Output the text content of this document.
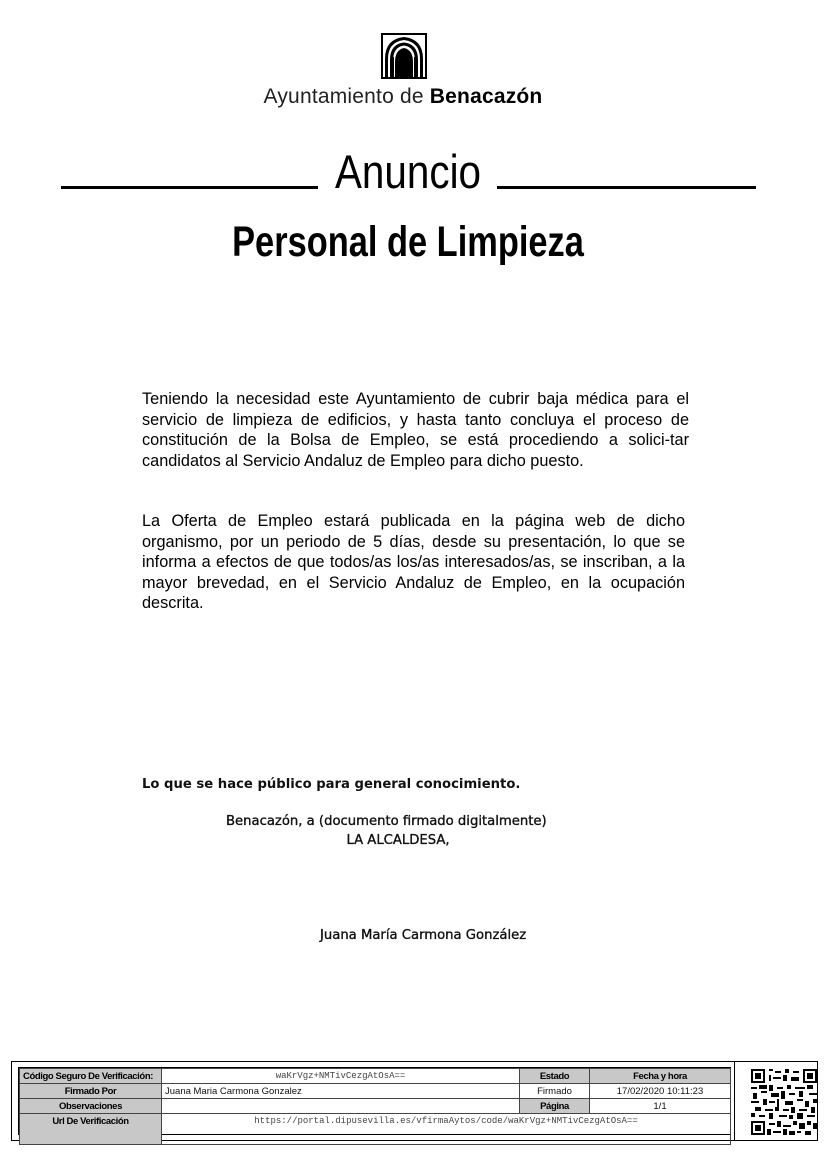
Ayuntamiento de Benacazón
Anuncio
Personal de Limpieza
Teniendo la necesidad este Ayuntamiento de cubrir baja médica para el servicio de limpieza de edificios, y hasta tanto concluya el proceso de constitución de la Bolsa de Empleo, se está procediendo a solici-tar candidatos al Servicio Andaluz de Empleo para dicho puesto.
La Oferta de Empleo estará publicada en la página web de dicho organismo, por un periodo de 5 días, desde su presentación, lo que se informa a efectos de que todos/as los/as interesados/as, se inscriban, a la mayor brevedad, en el Servicio Andaluz de Empleo, en la ocupación descrita.
Lo que se hace público para general conocimiento.
Benacazón, a (documento firmado digitalmente)
LA ALCALDESA,
Juana María Carmona González
Código Seguro De Verificación:	waKrVgz+NMTivCezgAtOsA==	Estado	Fecha y hora
Firmado Por	Juana Maria Carmona Gonzalez	Firmado	17/02/2020 10:11:23
Observaciones		Página	1/1
Url De Verificación	https://portal.dipusevilla.es/vfirmaAytos/code/waKrVgz+NMTivCezgAtOsA==		
